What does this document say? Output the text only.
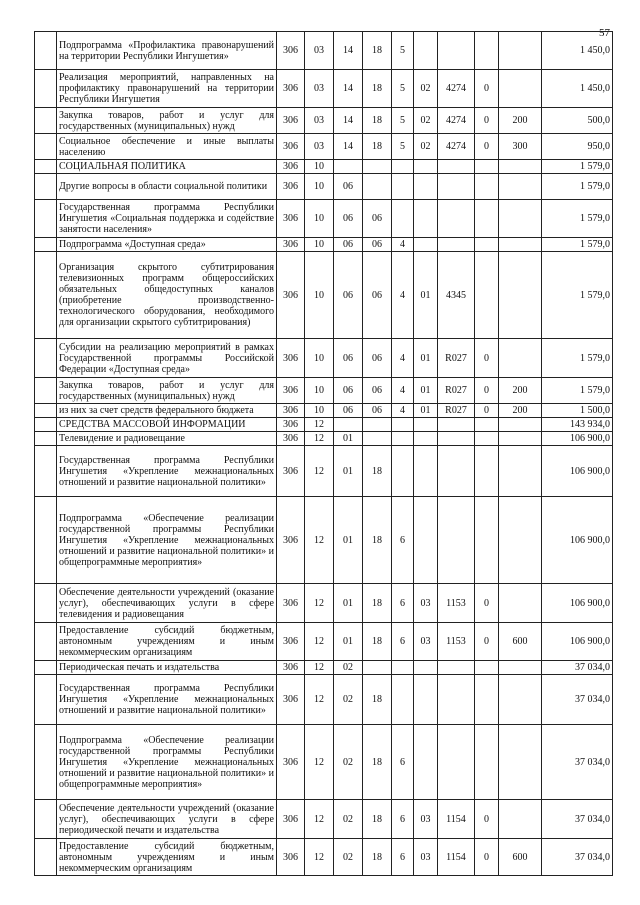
57
	Подпрограмма «Профилактика правонарушений на территории Республики Ингушетия»	306	03	14	18	5					1 450,0
	Реализация мероприятий, направленных на профилактику правонарушений на территории Республики Ингушетия	306	03	14	18	5	02	4274	0		1 450,0
	Закупка товаров, работ и услуг для государственных (муниципальных) нужд	306	03	14	18	5	02	4274	0	200	500,0
	Социальное обеспечение и иные выплаты населению	306	03	14	18	5	02	4274	0	300	950,0
	СОЦИАЛЬНАЯ ПОЛИТИКА	306	10								1 579,0
	Другие вопросы в области социальной политики	306	10	06							1 579,0
	Государственная программа Республики Ингушетия «Социальная поддержка и содействие занятости населения»	306	10	06	06						1 579,0
	Подпрограмма «Доступная среда»	306	10	06	06	4					1 579,0
	Организация скрытого субтитрирования телевизионных программ общероссийских обязательных общедоступных каналов (приобретение производственно-технологического оборудования, необходимого для организации скрытого субтитрирования)	306	10	06	06	4	01	4345			1 579,0
	Субсидии на реализацию мероприятий в рамках Государственной программы Российской Федерации «Доступная среда»	306	10	06	06	4	01	R027	0		1 579,0
	Закупка товаров, работ и услуг для государственных (муниципальных) нужд	306	10	06	06	4	01	R027	0	200	1 579,0
	из них за счет средств федерального бюджета	306	10	06	06	4	01	R027	0	200	1 500,0
	СРЕДСТВА МАССОВОЙ ИНФОРМАЦИИ	306	12								143 934,0
	Телевидение и радиовещание	306	12	01							106 900,0
	Государственная программа Республики Ингушетия «Укрепление межнациональных отношений и развитие национальной политики»	306	12	01	18						106 900,0
	Подпрограмма «Обеспечение реализации государственной программы Республики Ингушетия «Укрепление межнациональных отношений и развитие национальной политики» и общепрограммные мероприятия»	306	12	01	18	6					106 900,0
	Обеспечение деятельности учреждений (оказание услуг), обеспечивающих услуги в сфере телевидения и радиовещания	306	12	01	18	6	03	1153	0		106 900,0
	Предоставление субсидий бюджетным, автономным учреждениям и иным некоммерческим организациям	306	12	01	18	6	03	1153	0	600	106 900,0
	Периодическая печать и издательства	306	12	02							37 034,0
	Государственная программа Республики Ингушетия «Укрепление межнациональных отношений и развитие национальной политики»	306	12	02	18						37 034,0
	Подпрограмма «Обеспечение реализации государственной программы Республики Ингушетия «Укрепление межнациональных отношений и развитие национальной политики» и общепрограммные мероприятия»	306	12	02	18	6					37 034,0
	Обеспечение деятельности учреждений (оказание услуг), обеспечивающих услуги в сфере периодической печати и издательства	306	12	02	18	6	03	1154	0		37 034,0
	Предоставление субсидий бюджетным, автономным учреждениям и иным некоммерческим организациям	306	12	02	18	6	03	1154	0	600	37 034,0
